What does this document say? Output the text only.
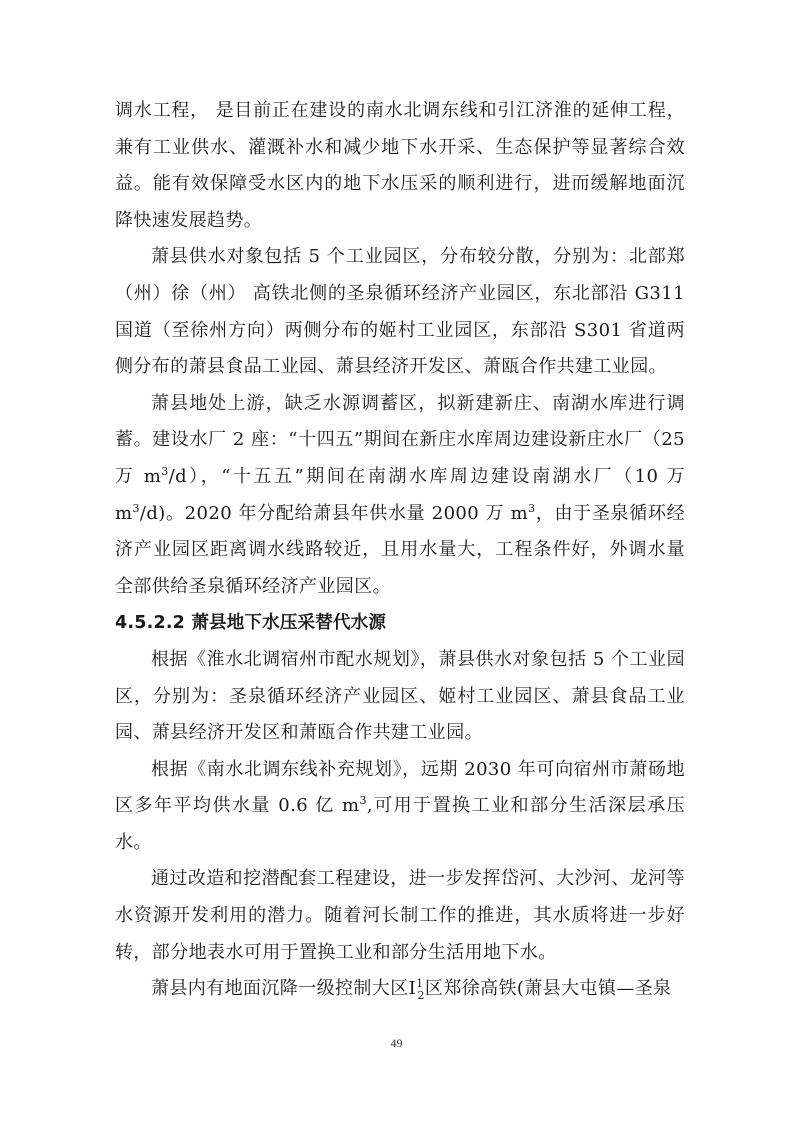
调水工程， 是目前正在建设的南水北调东线和引江济淮的延伸工程，兼有工业供水、灌溉补水和减少地下水开采、生态保护等显著综合效益。能有效保障受水区内的地下水压采的顺利进行，进而缓解地面沉降快速发展趋势。

萧县供水对象包括 5 个工业园区，分布较分散，分别为：北部郑（州）徐（州） 高铁北侧的圣泉循环经济产业园区，东北部沿 G311 国道（至徐州方向）两侧分布的姬村工业园区，东部沿 S301 省道两侧分布的萧县食品工业园、萧县经济开发区、萧瓯合作共建工业园。

萧县地处上游，缺乏水源调蓄区，拟新建新庄、南湖水库进行调蓄。建设水厂 2 座：“十四五”期间在新庄水库周边建设新庄水厂（25 万 $m^3/d$），“十五五”期间在南湖水库周边建设南湖水厂（10 万 $m^3/d$)。2020 年分配给萧县年供水量 2000 万 $m^3$，由于圣泉循环经济产业园区距离调水线路较近，且用水量大，工程条件好，外调水量全部供给圣泉循环经济产业园区。

4.5.2.2 萧县地下水压采替代水源

根据《淮水北调宿州市配水规划》，萧县供水对象包括 5 个工业园区，分别为：圣泉循环经济产业园区、姬村工业园区、萧县食品工业园、萧县经济开发区和萧瓯合作共建工业园。

根据《南水北调东线补充规划》，远期 2030 年可向宿州市萧砀地区多年平均供水量 0.6 亿 $m^3$,可用于置换工业和部分生活深层承压水。

通过改造和挖潜配套工程建设，进一步发挥岱河、大沙河、龙河等水资源开发利用的潜力。随着河长制工作的推进，其水质将进一步好转，部分地表水可用于置换工业和部分生活用地下水。

萧县内有地面沉降一级控制大区$I^1_2$区郑徐高铁(萧县大屯镇—圣泉

49
